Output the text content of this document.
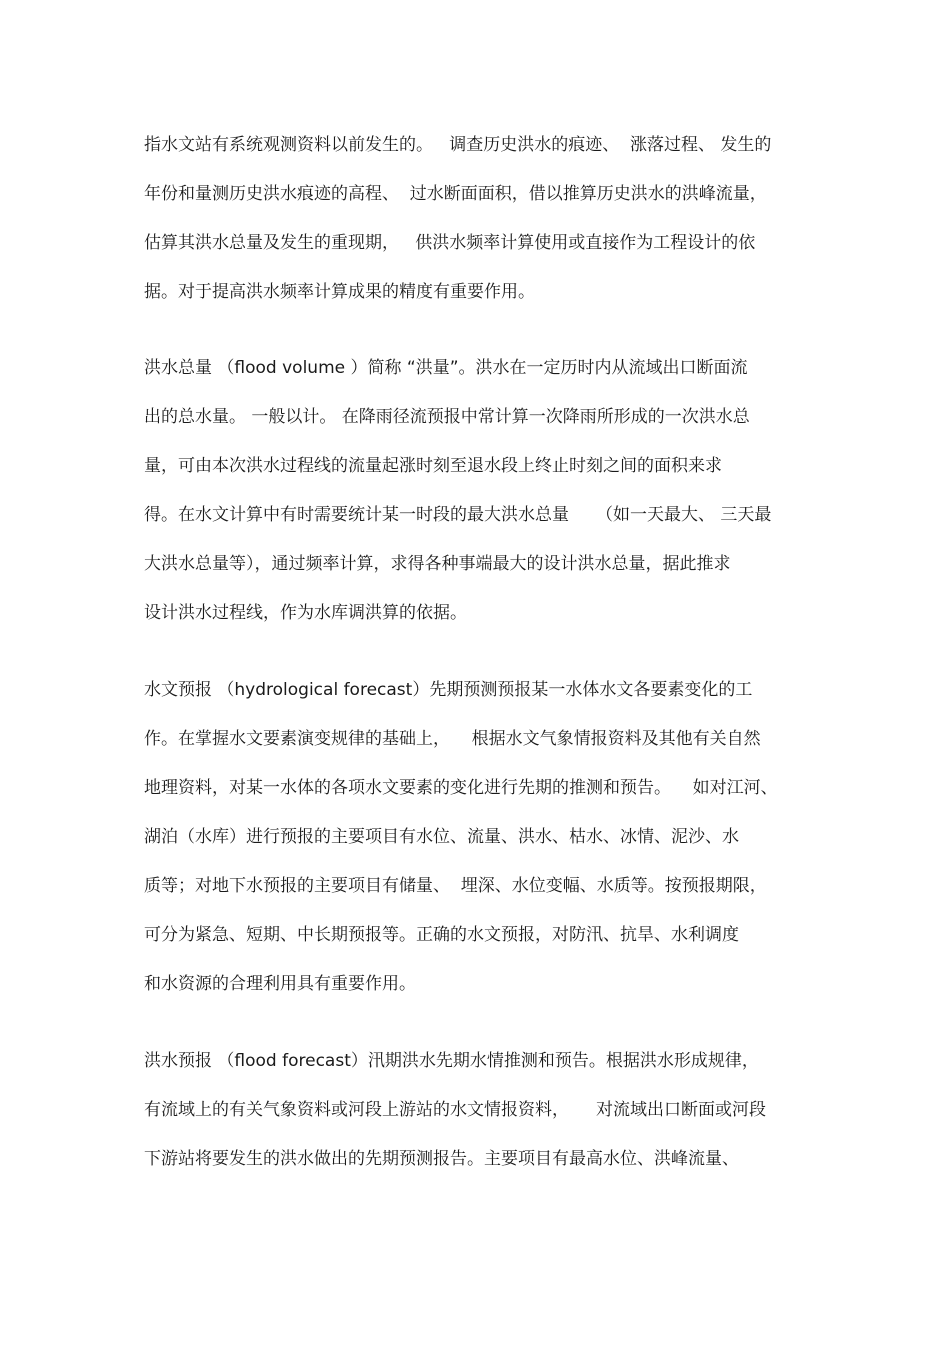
指水文站有系统观测资料以前发生的。   调查历史洪水的痕迹、  涨落过程、 发生的
年份和量测历史洪水痕迹的高程、  过水断面面积，借以推算历史洪水的洪峰流量，
估算其洪水总量及发生的重现期，   供洪水频率计算使用或直接作为工程设计的依
据。对于提高洪水频率计算成果的精度有重要作用。
洪水总量 （flood volume ）简称 “洪量”。洪水在一定历时内从流域出口断面流
出的总水量。 一般以计。 在降雨径流预报中常计算一次降雨所形成的一次洪水总
量，可由本次洪水过程线的流量起涨时刻至退水段上终止时刻之间的面积来求
得。在水文计算中有时需要统计某一时段的最大洪水总量     （如一天最大、 三天最
大洪水总量等），通过频率计算，求得各种事端最大的设计洪水总量，据此推求
设计洪水过程线，作为水库调洪算的依据。
水文预报 （hydrological forecast）先期预测预报某一水体水文各要素变化的工
作。在掌握水文要素演变规律的基础上，    根据水文气象情报资料及其他有关自然
地理资料，对某一水体的各项水文要素的变化进行先期的推测和预告。    如对江河、
湖泊（水库）进行预报的主要项目有水位、流量、洪水、枯水、冰情、泥沙、水
质等；对地下水预报的主要项目有储量、  埋深、水位变幅、水质等。按预报期限，
可分为紧急、短期、中长期预报等。正确的水文预报，对防汛、抗旱、水利调度
和水资源的合理利用具有重要作用。
洪水预报 （flood forecast）汛期洪水先期水情推测和预告。根据洪水形成规律，
有流域上的有关气象资料或河段上游站的水文情报资料，     对流域出口断面或河段
下游站将要发生的洪水做出的先期预测报告。主要项目有最高水位、洪峰流量、
